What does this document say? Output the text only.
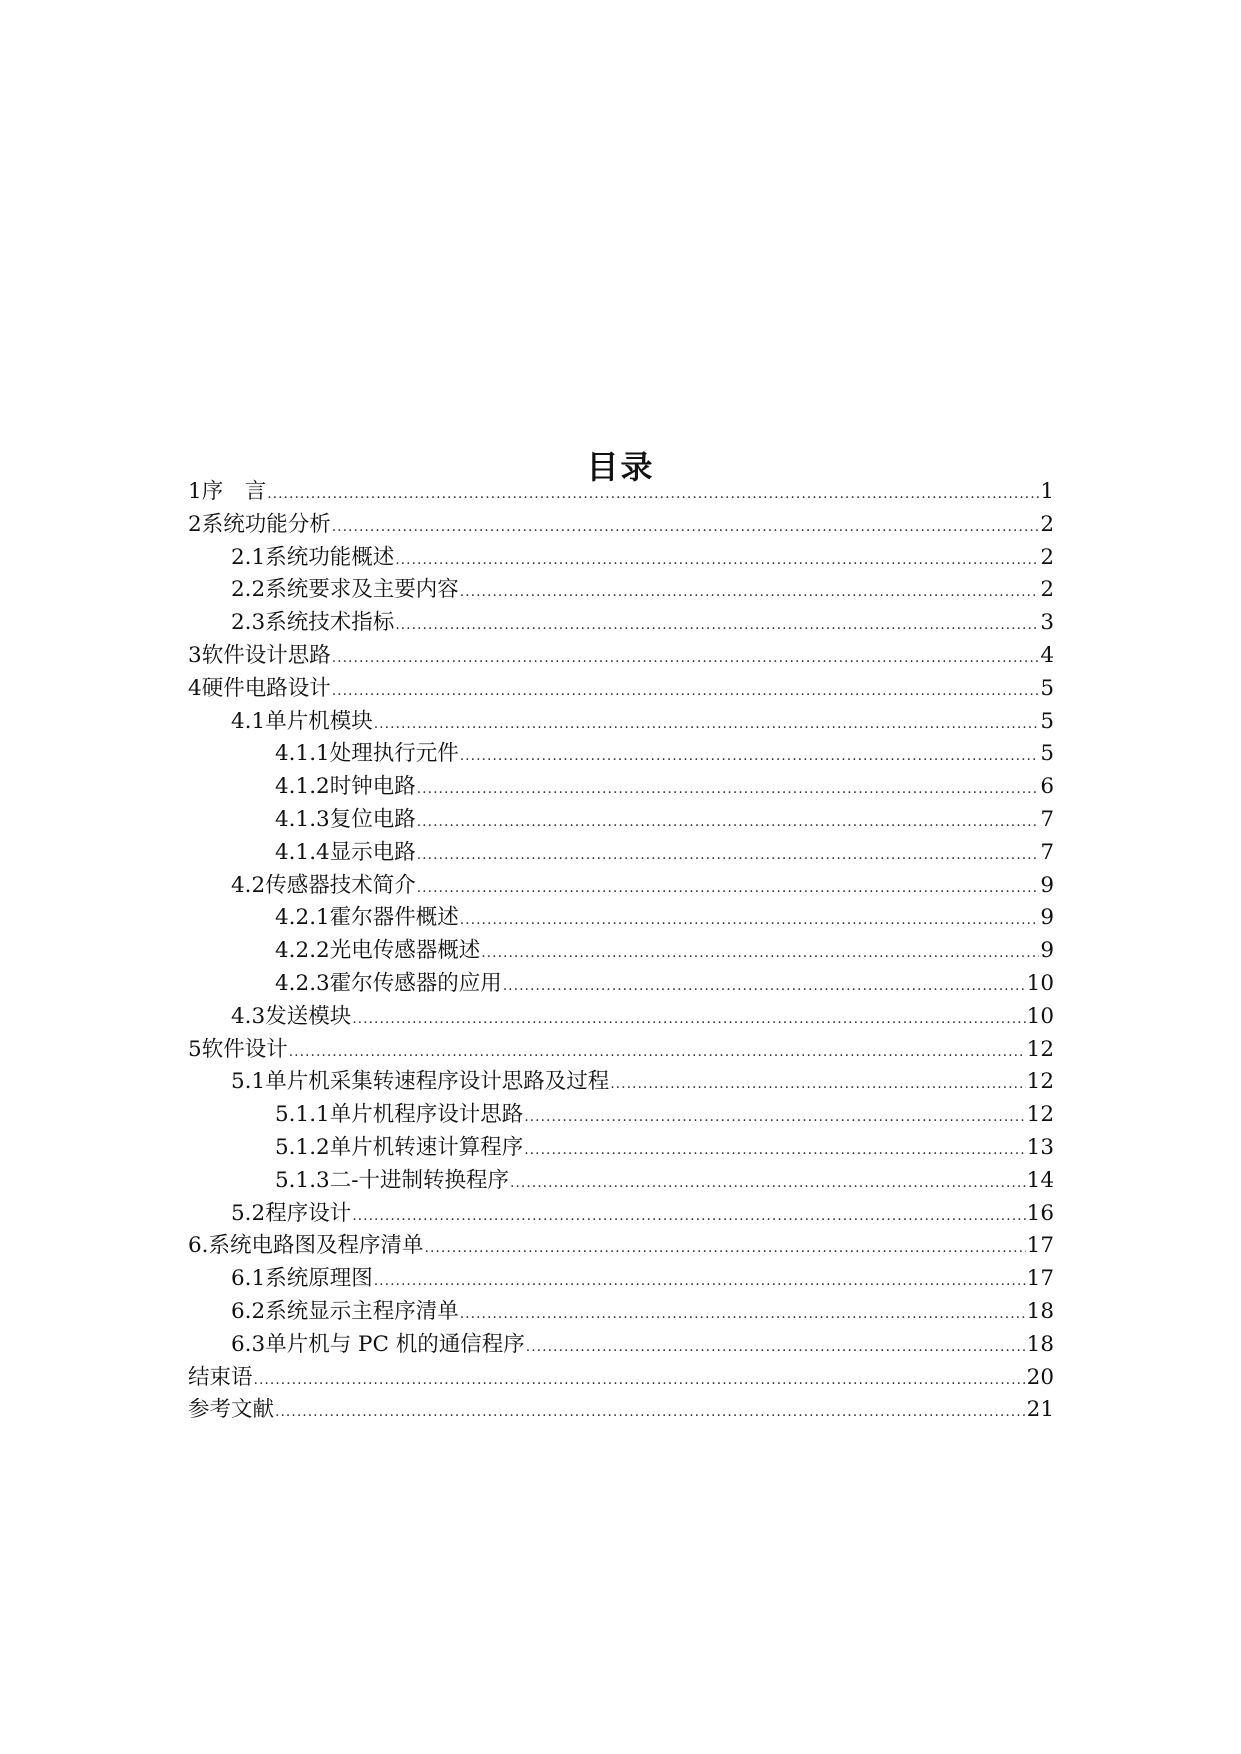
目录
1 序　言 .....	1
2 系统功能分析 .....	2
2.1 系统功能概述 .....	2
2.2 系统要求及主要内容 .....	2
2.3 系统技术指标 .....	3
3 软件设计思路 .....	4
4 硬件电路设计 .....	5
4.1 单片机模块 .....	5
4.1.1 处理执行元件 .....	5
4.1.2 时钟电路 .....	6
4.1.3 复位电路 .....	7
4.1.4 显示电路 .....	7
4.2 传感器技术简介 .....	9
4.2.1 霍尔器件概述 .....	9
4.2.2 光电传感器概述 .....	9
4.2.3 霍尔传感器的应用 .....	10
4.3 发送模块 .....	10
5 软件设计 .....	12
5.1 单片机采集转速程序设计思路及过程 .....	12
5.1.1 单片机程序设计思路 .....	12
5.1.2 单片机转速计算程序 .....	13
5.1.3 二-十进制转换程序 .....	14
5.2 程序设计 .....	16
6. 系统电路图及程序清单 .....	17
6.1 系统原理图 .....	17
6.2 系统显示主程序清单 .....	18
6.3 单片机与 PC 机的通信程序 .....	18
结束语 .....	20
参考文献 .....	21
